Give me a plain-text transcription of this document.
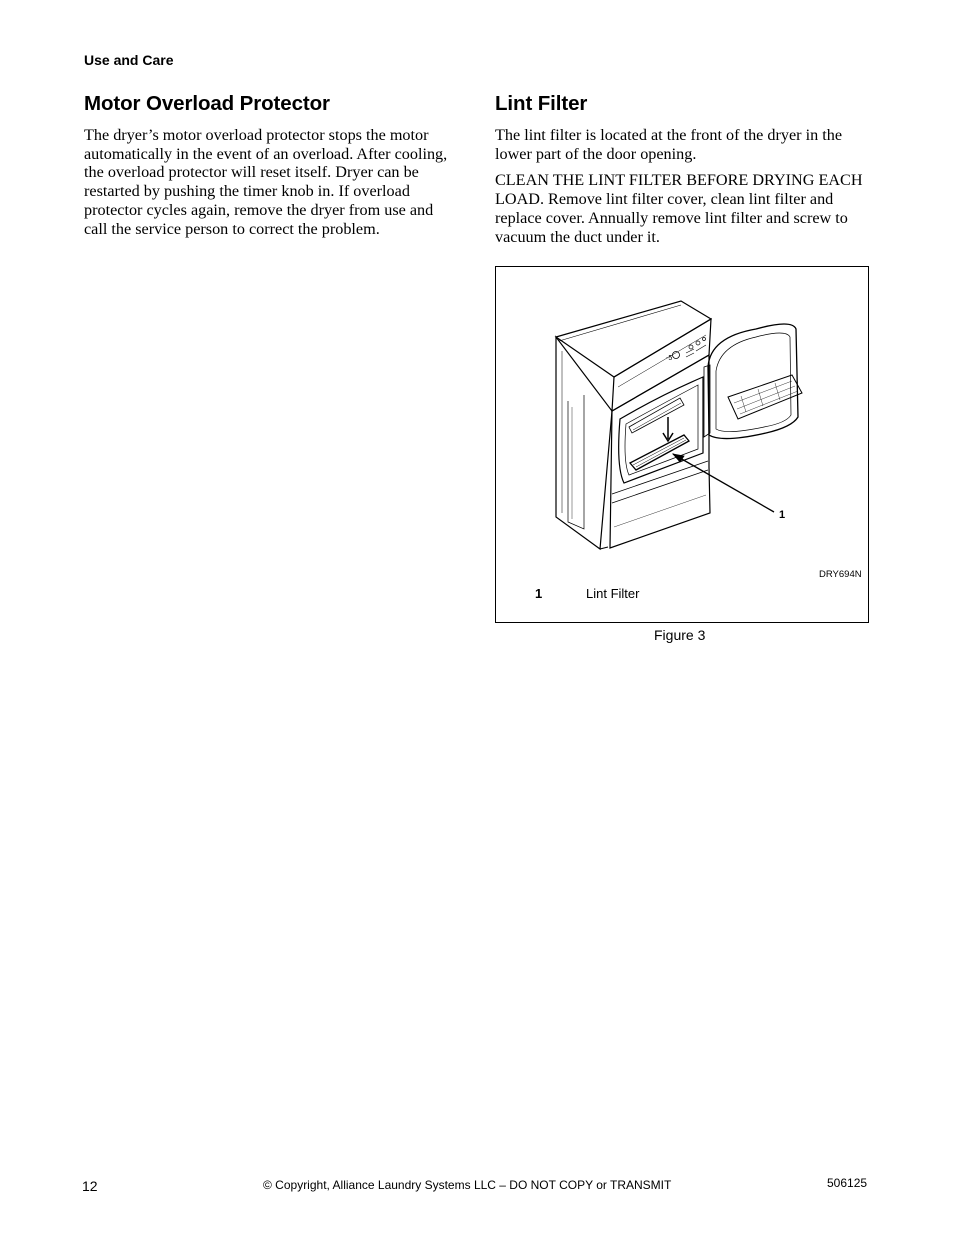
Use and Care
Motor Overload Protector

The dryer’s motor overload protector stops the motor automatically in the event of an overload. After cooling, the overload protector will reset itself. Dryer can be restarted by pushing the timer knob in. If overload protector cycles again, remove the dryer from use and call the service person to correct the problem.

Lint Filter

The lint filter is located at the front of the dryer in the lower part of the door opening.

CLEAN THE LINT FILTER BEFORE DRYING EACH LOAD. Remove lint filter cover, clean lint filter and replace cover. Annually remove lint filter and screw to vacuum the duct under it.

-5
1
DRY694N
1	Lint Filter
Figure 3
12	© Copyright, Alliance Laundry Systems LLC – DO NOT COPY or TRANSMIT	506125
